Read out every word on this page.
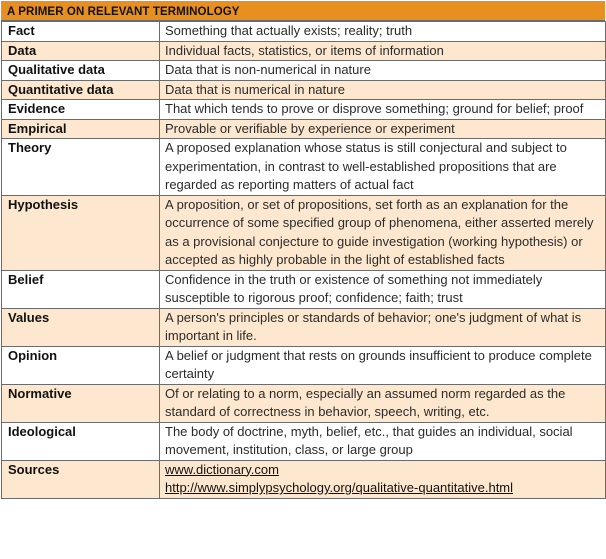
A PRIMER ON RELEVANT TERMINOLOGY
Fact	Something that actually exists; reality; truth
Data	Individual facts, statistics, or items of information
Qualitative data	Data that is non-numerical in nature
Quantitative data	Data that is numerical in nature
Evidence	That which tends to prove or disprove something; ground for belief; proof
Empirical	Provable or verifiable by experience or experiment
Theory	A proposed explanation whose status is still conjectural and subject to experimentation, in contrast to well-established propositions that are regarded as reporting matters of actual fact
Hypothesis	A proposition, or set of propositions, set forth as an explanation for the occurrence of some specified group of phenomena, either asserted merely as a provisional conjecture to guide investigation (working hypothesis) or accepted as highly probable in the light of established facts
Belief	Confidence in the truth or existence of something not immediately susceptible to rigorous proof; confidence; faith; trust
Values	A person's principles or standards of behavior; one's judgment of what is important in life.
Opinion	A belief or judgment that rests on grounds insufficient to produce complete certainty
Normative	Of or relating to a norm, especially an assumed norm regarded as the standard of correctness in behavior, speech, writing, etc.
Ideological	The body of doctrine, myth, belief, etc., that guides an individual, social movement, institution, class, or large group
Sources	www.dictionary.com
http://www.simplypsychology.org/qualitative-quantitative.html
